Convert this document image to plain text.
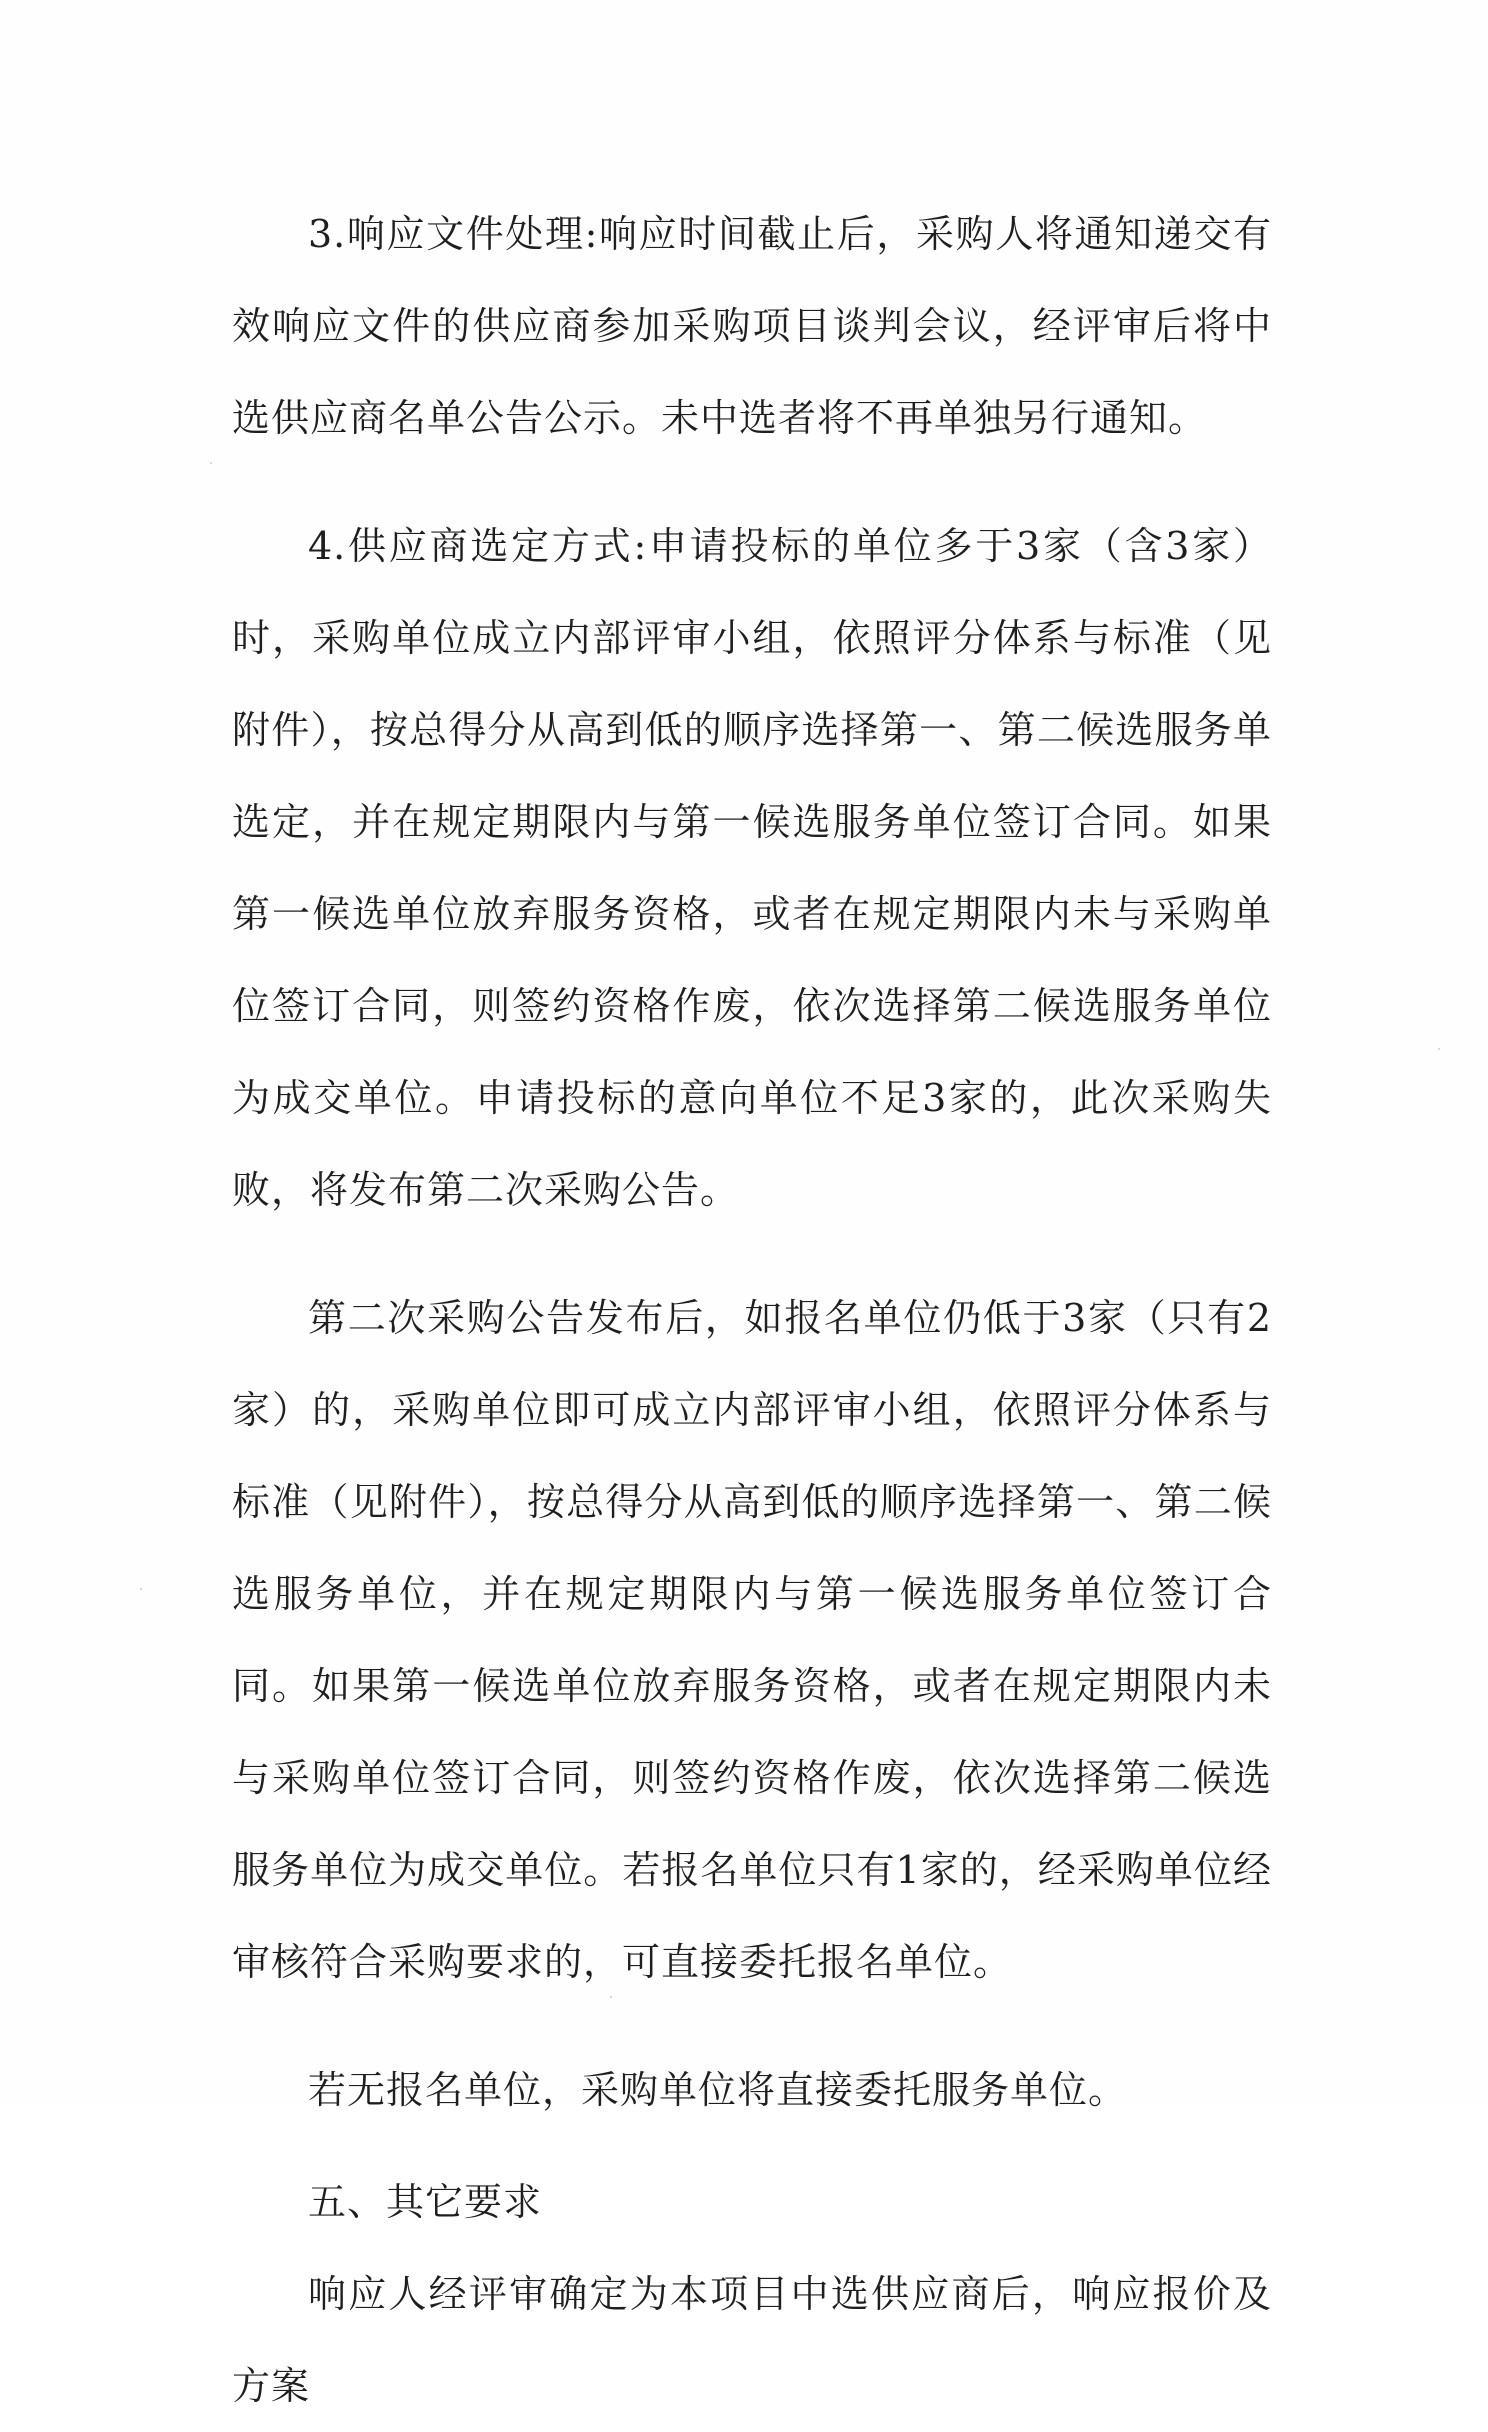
3.响应文件处理:响应时间截止后，采购人将通知递交有效响应文件的供应商参加采购项目谈判会议，经评审后将中选供应商名单公告公示。未中选者将不再单独另行通知。

4.供应商选定方式:申请投标的单位多于3家（含3家）时，采购单位成立内部评审小组，依照评分体系与标准（见附件），按总得分从高到低的顺序选择第一、第二候选服务单选定，并在规定期限内与第一候选服务单位签订合同。如果第一候选单位放弃服务资格，或者在规定期限内未与采购单位签订合同，则签约资格作废，依次选择第二候选服务单位为成交单位。申请投标的意向单位不足3家的，此次采购失败，将发布第二次采购公告。

第二次采购公告发布后，如报名单位仍低于3家（只有2家）的，采购单位即可成立内部评审小组，依照评分体系与标准（见附件），按总得分从高到低的顺序选择第一、第二候选服务单位，并在规定期限内与第一候选服务单位签订合同。如果第一候选单位放弃服务资格，或者在规定期限内未与采购单位签订合同，则签约资格作废，依次选择第二候选服务单位为成交单位。若报名单位只有1家的，经采购单位经审核符合采购要求的，可直接委托报名单位。

若无报名单位，采购单位将直接委托服务单位。

五、其它要求

响应人经评审确定为本项目中选供应商后，响应报价及方案
